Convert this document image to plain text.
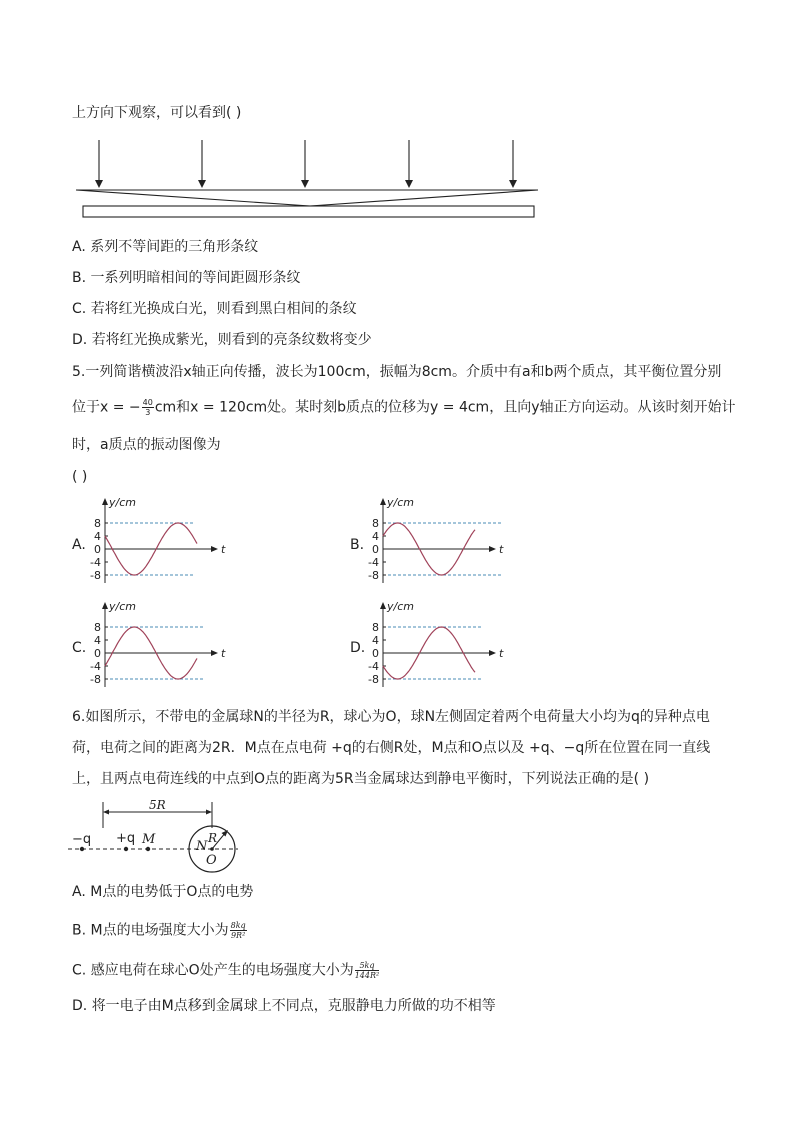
上方向下观察，可以看到( )
A. 系列不等间距的三角形条纹
B. 一系列明暗相间的等间距圆形条纹
C. 若将红光换成白光，则看到黑白相间的条纹
D. 若将红光换成紫光，则看到的亮条纹数将变少
5.一列简谐横波沿x轴正向传播，波长为100cm，振幅为8cm。介质中有a和b两个质点，其平衡位置分别
位于x = − $\frac{40}{3}$ cm和x = 120cm处。某时刻b质点的位移为y = 4cm，且向y轴正方向运动。从该时刻开始计
时，a质点的振动图像为
( )
A.	B.
C.	D.
8
4
0
-4
-8
y/cm
t
8
4
0
-4
-8
y/cm
t
8
4
0
-4
-8
y/cm
t
8
4
0
-4
-8
y/cm
t
6.如图所示，不带电的金属球N的半径为R，球心为O，球N左侧固定着两个电荷量大小均为q的异种点电
荷，电荷之间的距离为2R．M点在点电荷 +q的右侧R处，M点和O点以及 +q、−q所在位置在同一直线
上，且两点电荷连线的中点到O点的距离为5R当金属球达到静电平衡时，下列说法正确的是( )
5R
−q +q M	N
R
O
A. M点的电势低于O点的电势
B. M点的电场强度大小为 $\frac{8kq}{\text{9R²}}$
C. 感应电荷在球心O处产生的电场强度大小为 $\frac{5kq}{\text{144R²}}$
D. 将一电子由M点移到金属球上不同点，克服静电力所做的功不相等
